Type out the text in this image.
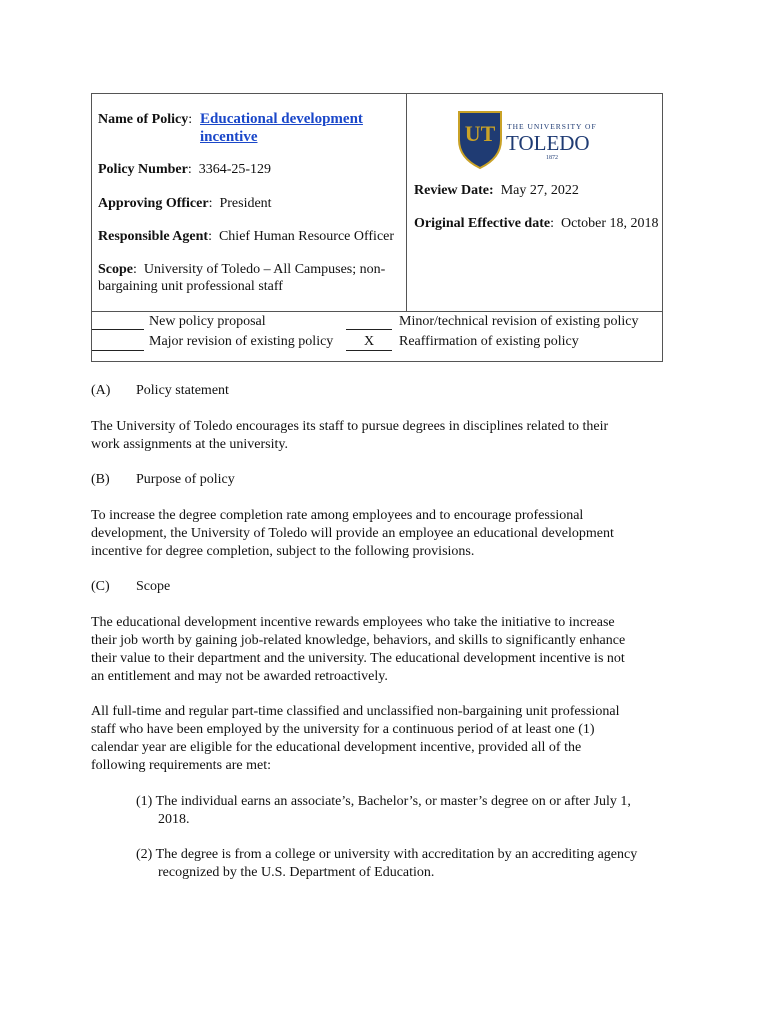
Name of Policy: Educational development
incentive
Policy Number:  3364-25-129
Approving Officer:  President
Responsible Agent:  Chief Human Resource Officer
Scope:  University of Toledo – All Campuses; non-
bargaining unit professional staff
UT THE UNIVERSITY OF
TOLEDO
1872
Review Date: May 27, 2022
Original Effective date:  October 18, 2018
New policy proposal
Major revision of existing policy
Minor/technical revision of existing policy
X Reaffirmation of existing policy
(A) Policy statement
The University of Toledo encourages its staff to pursue degrees in disciplines related to their
work assignments at the university.
(B) Purpose of policy
To increase the degree completion rate among employees and to encourage professional
development, the University of Toledo will provide an employee an educational development
incentive for degree completion, subject to the following provisions.
(C) Scope
The educational development incentive rewards employees who take the initiative to increase
their job worth by gaining job-related knowledge, behaviors, and skills to significantly enhance
their value to their department and the university. The educational development incentive is not
an entitlement and may not be awarded retroactively.
All full-time and regular part-time classified and unclassified non-bargaining unit professional
staff who have been employed by the university for a continuous period of at least one (1)
calendar year are eligible for the educational development incentive, provided all of the
following requirements are met:
(1) The individual earns an associate’s, Bachelor’s, or master’s degree on or after July 1,
2018.
(2) The degree is from a college or university with accreditation by an accrediting agency
recognized by the U.S. Department of Education.
